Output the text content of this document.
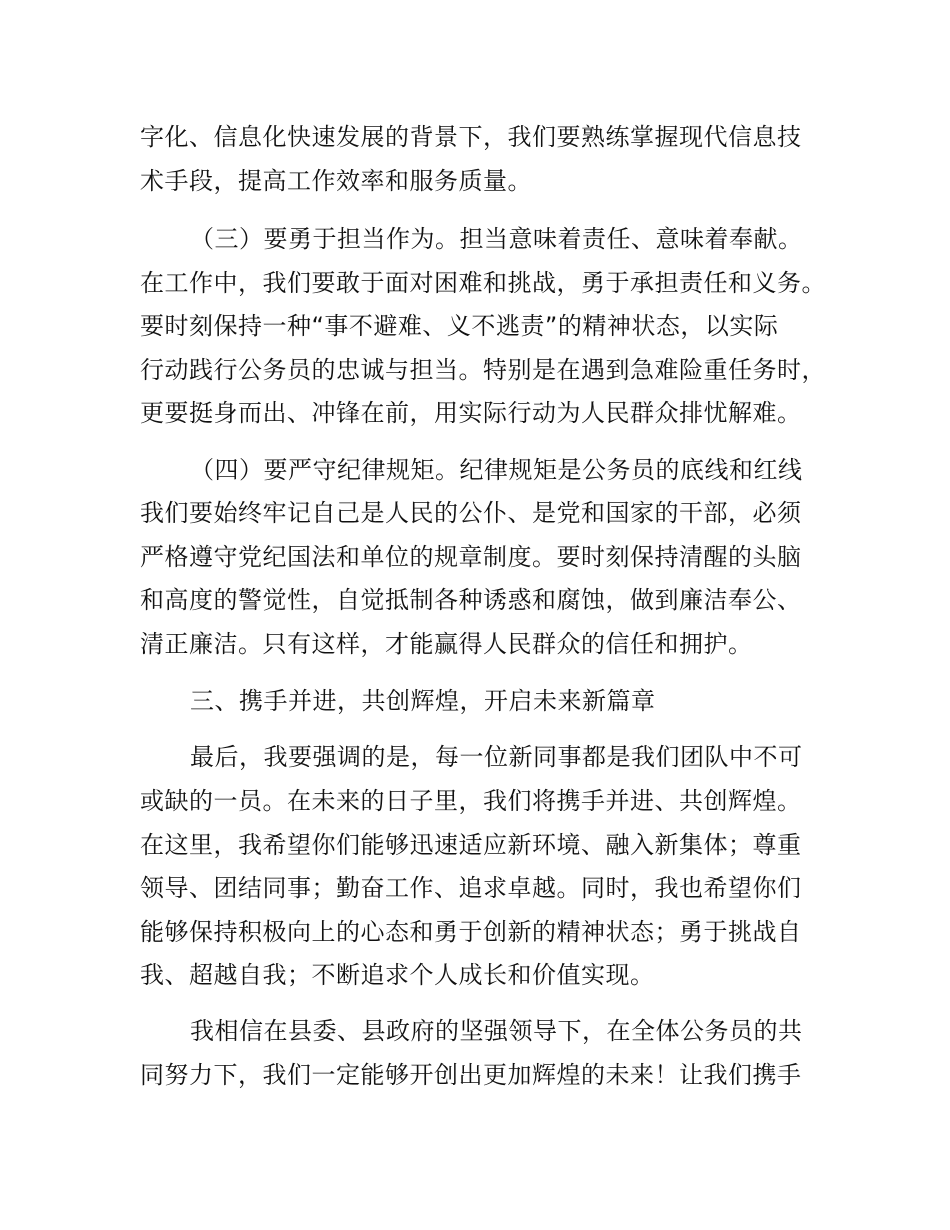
字化、信息化快速发展的背景下，我们要熟练掌握现代信息技
术手段，提高工作效率和服务质量。
（三）要勇于担当作为。担当意味着责任、意味着奉献。
在工作中，我们要敢于面对困难和挑战，勇于承担责任和义务。
要时刻保持一种“事不避难、义不逃责”的精神状态，以实际
行动践行公务员的忠诚与担当。特别是在遇到急难险重任务时，
更要挺身而出、冲锋在前，用实际行动为人民群众排忧解难。
（四）要严守纪律规矩。纪律规矩是公务员的底线和红线
我们要始终牢记自己是人民的公仆、是党和国家的干部，必须
严格遵守党纪国法和单位的规章制度。要时刻保持清醒的头脑
和高度的警觉性，自觉抵制各种诱惑和腐蚀，做到廉洁奉公、
清正廉洁。只有这样，才能赢得人民群众的信任和拥护。
三、携手并进，共创辉煌，开启未来新篇章
最后，我要强调的是，每一位新同事都是我们团队中不可
或缺的一员。在未来的日子里，我们将携手并进、共创辉煌。
在这里，我希望你们能够迅速适应新环境、融入新集体；尊重
领导、团结同事；勤奋工作、追求卓越。同时，我也希望你们
能够保持积极向上的心态和勇于创新的精神状态；勇于挑战自
我、超越自我；不断追求个人成长和价值实现。
我相信在县委、县政府的坚强领导下，在全体公务员的共
同努力下，我们一定能够开创出更加辉煌的未来！让我们携手
